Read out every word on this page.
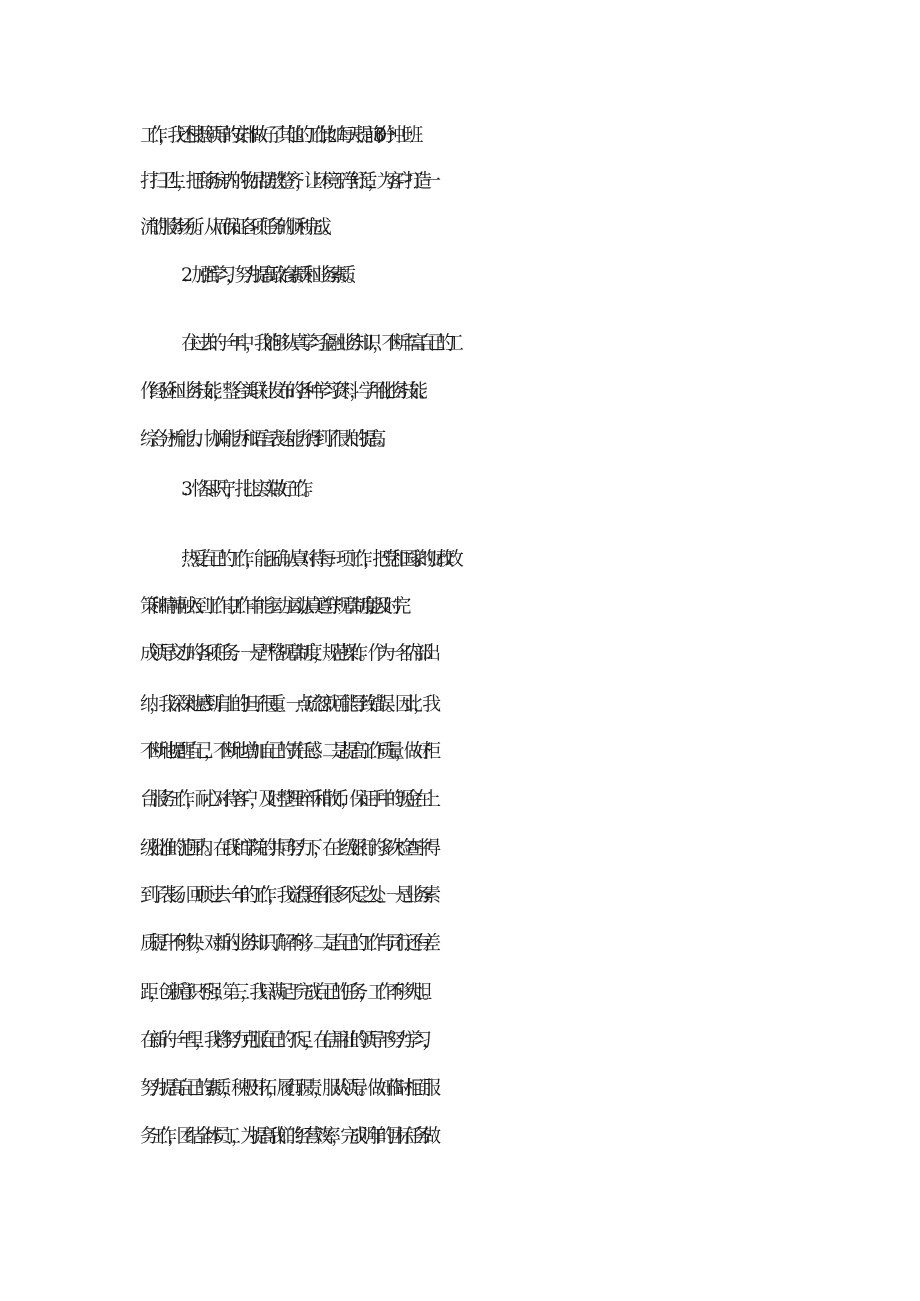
工作，我还根据领导的安排做好了其他的工作,比如每天提前30分钟上班

打扫卫生，把商务房内的物品摆放整齐，让环境干净舒适，为客户打造一

流的服务场所。从而保证各项任务的顺利完成。

2．加强学习，努力提高政治素质和业务素质。

在过去的一年中，我能够认真学习金融业务知识，不断丰富自己的工

作经验和业务技能，整合美联社发布的各种学习资料，学用化,业务技能、

综合分析能力、协调能力和语言表达能力得到了很大的提高。

3．恪尽职守，扎扎实实做好工作。

热爱自己的工作，能正确认真对待每一项工作，把党和国家的财政政

策和精神融入到工作中,工作中能主动主动,认真遵守规章制度,能及时完

成领导交办的各项任务。一是严格规章制度，规范操作。作为一名内部出

纳，我深深地感到肩上的担子很重。一点疏忽就可能导致错误。因此，我

不断地提醒自己，不断地增加自己的责任感。二是提高工作质量，做好柜

台服务工作，耐心对待客户，及时整理碎币和散币，保证手中的现金在上

级批准的范围内。在我和学院的共同努力下，在上级银行的多次检查中得

到了表扬。回顾过去一年的工作，我觉得还有很多不足之处。一是业务素

质提升不够快，对新的业务知识了解不够；二是自己的工作与同行还有差

距，创新意识不强；第三，我只满足于完成自己的任务，工作不够大胆。

在新的一年里，我将努力克服自己的不足，在信用社的领导下努力学习，

努力提高自己的素质，积极开拓，履行职责，服从领导。做好临时柜面服

务工作，团结全体员工，为提高我们的经营效率，完成明年的目标任务做
